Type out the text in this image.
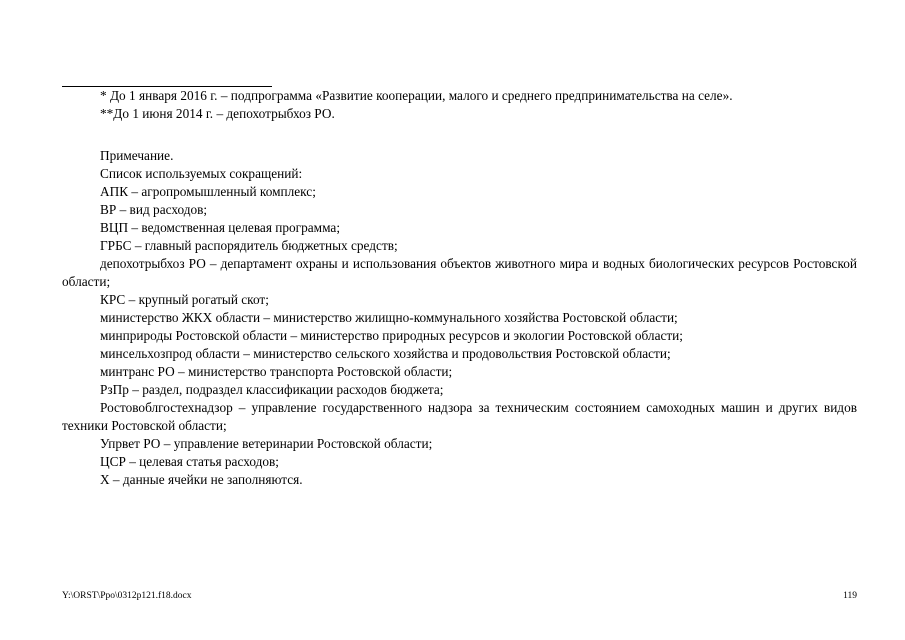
* До 1 января 2016 г. – подпрограмма «Развитие кооперации, малого и среднего предпринимательства на селе».

**До 1 июня 2014 г. – депохотрыбхоз РО.

Примечание.

Список используемых сокращений:

АПК – агропромышленный комплекс;

ВР – вид расходов;

ВЦП – ведомственная целевая программа;

ГРБС – главный распорядитель бюджетных средств;

депохотрыбхоз РО – департамент охраны и использования объектов животного мира и водных биологических ресурсов Ростовской области;

КРС – крупный рогатый скот;

министерство ЖКХ области – министерство жилищно-коммунального хозяйства Ростовской области;

минприроды Ростовской области – министерство природных ресурсов и экологии Ростовской области;

минсельхозпрод области – министерство сельского хозяйства и продовольствия Ростовской области;

минтранс РО – министерство транспорта Ростовской области;

РзПр – раздел, подраздел классификации расходов бюджета;

Ростовоблгостехнадзор – управление государственного надзора за техническим состоянием самоходных машин и других видов техники Ростовской области;

Упрвет РО – управление ветеринарии Ростовской области;

ЦСР – целевая статья расходов;

Х – данные ячейки не заполняются.

Y:\ORST\Ppo\0312p121.f18.docx	119
